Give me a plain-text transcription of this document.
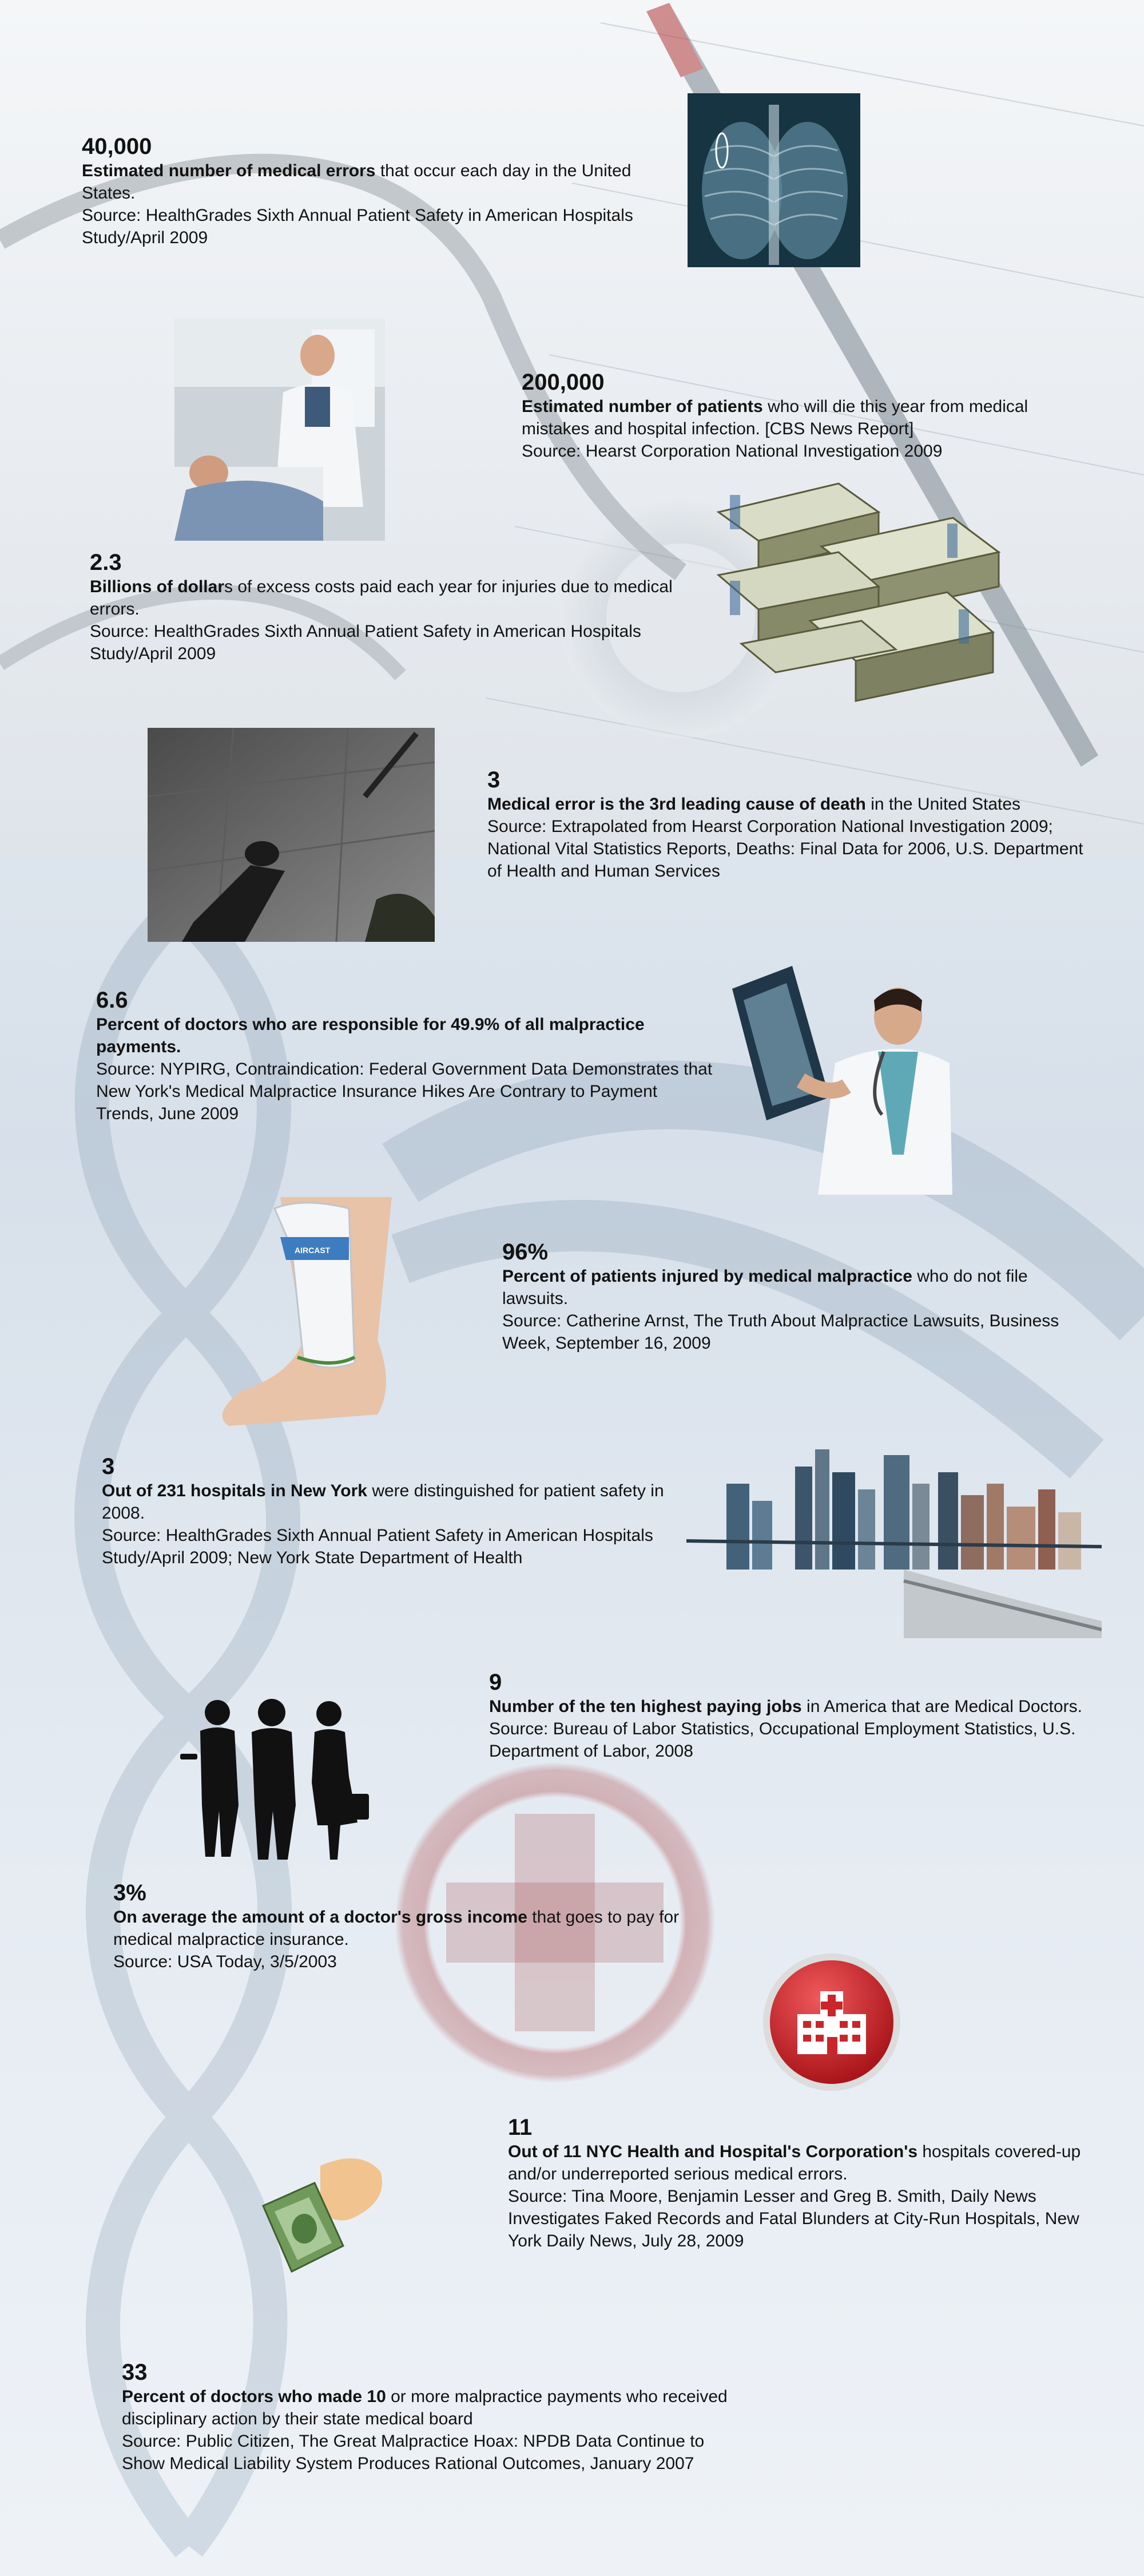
AIRCAST
40,000
Estimated number of medical errors that occur each day in the United States.
Source: HealthGrades Sixth Annual Patient Safety in American Hospitals Study/April 2009
200,000
Estimated number of patients who will die this year from medical mistakes and hospital infection. [CBS News Report]
Source: Hearst Corporation National Investigation 2009
2.3
Billions of dollars of excess costs paid each year for injuries due to medical errors.
Source: HealthGrades Sixth Annual Patient Safety in American Hospitals Study/April 2009
3
Medical error is the 3rd leading cause of death in the United States
Source: Extrapolated from Hearst Corporation National Investigation 2009; National Vital Statistics Reports, Deaths: Final Data for 2006, U.S. Department of Health and Human Services
6.6
Percent of doctors who are responsible for 49.9% of all malpractice payments.
Source: NYPIRG, Contraindication: Federal Government Data Demonstrates that New York's Medical Malpractice Insurance Hikes Are Contrary to Payment Trends, June 2009
96%
Percent of patients injured by medical malpractice who do not file lawsuits.
Source: Catherine Arnst, The Truth About Malpractice Lawsuits, Business Week, September 16, 2009
3
Out of 231 hospitals in New York were distinguished for patient safety in 2008.
Source: HealthGrades Sixth Annual Patient Safety in American Hospitals Study/April 2009; New York State Department of Health
9
Number of the ten highest paying jobs in America that are Medical Doctors.
Source: Bureau of Labor Statistics, Occupational Employment Statistics, U.S. Department of Labor, 2008
3%
On average the amount of a doctor's gross income that goes to pay for medical malpractice insurance.
Source: USA Today, 3/5/2003
11
Out of 11 NYC Health and Hospital's Corporation's hospitals covered-up and/or underreported serious medical errors.
Source: Tina Moore, Benjamin Lesser and Greg B. Smith, Daily News Investigates Faked Records and Fatal Blunders at City-Run Hospitals, New York Daily News, July 28, 2009
33
Percent of doctors who made 10 or more malpractice payments who received disciplinary action by their state medical board
Source: Public Citizen, The Great Malpractice Hoax: NPDB Data Continue to Show Medical Liability System Produces Rational Outcomes, January 2007
